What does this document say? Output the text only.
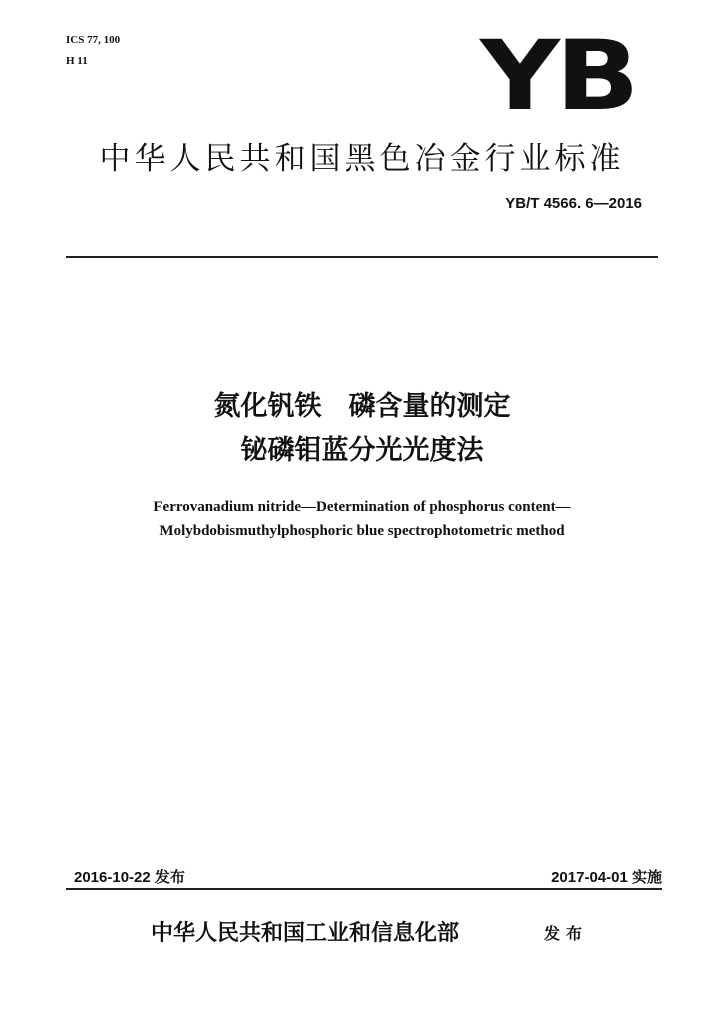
ICS 77, 100
H 11	YB
中华人民共和国黑色冶金行业标准
YB/T 4566. 6—2016
氮化钒铁　磷含量的测定
铋磷钼蓝分光光度法
Ferrovanadium nitride—Determination of phosphorus content—
Molybdobismuthylphosphoric blue spectrophotometric method
2016-10-22 发布	2017-04-01 实施
中华人民共和国工业和信息化部	发布
